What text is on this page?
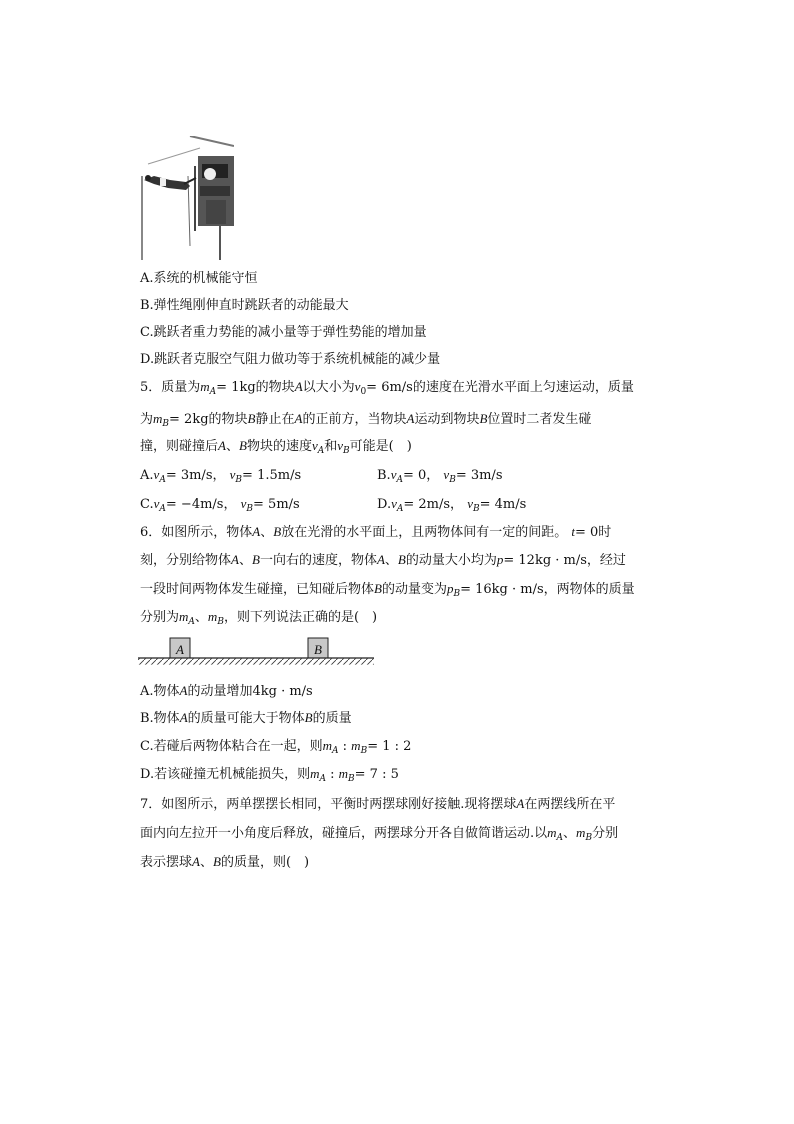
A.系统的机械能守恒
B.弹性绳刚伸直时跳跃者的动能最大
C.跳跃者重力势能的减小量等于弹性势能的增加量
D.跳跃者克服空气阻力做功等于系统机械能的减少量
5．质量为$m_A= 1kg$的物块A以大小为$v_0= 6m/s$的速度在光滑水平面上匀速运动，质量
为$m_B= 2kg$的物块B静止在A的正前方，当物块A运动到物块B位置时二者发生碰
撞，则碰撞后A、B物块的速度$v_A$和$v_B$可能是(　)
$A.v_A= 3m/s$， $v_B= 1.5m/s$	$B.v_A= 0$， $v_B= 3m/s$
$C.v_A= -4m/s$， $v_B= 5m/s$	$D.v_A= 2m/s$， $v_B= 4m/s$
6．如图所示，物体A、B放在光滑的水平面上，且两物体间有一定的间距。 t= 0时
刻，分别给物体A、B一向右的速度，物体A、B的动量大小均为p= 12kg · m/s，经过
一段时间两物体发生碰撞，已知碰后物体B的动量变为$p_B= 16kg \cdot m/s$，两物体的质量
分别为$m_A$、$m_B$，则下列说法正确的是(　)
A	B
A.物体A的动量增加4kg · m/s
B.物体A的质量可能大于物体B的质量
C.若碰后两物体粘合在一起，则$m_A$ : $m_B= 1$ : 2
D.若该碰撞无机械能损失，则$m_A$ : $m_B= 7$ : 5
7．如图所示，两单摆摆长相同，平衡时两摆球刚好接触.现将摆球A在两摆线所在平
面内向左拉开一小角度后释放，碰撞后，两摆球分开各自做简谐运动.以$m_A$、$m_B$分别
表示摆球A、B的质量，则(　)
